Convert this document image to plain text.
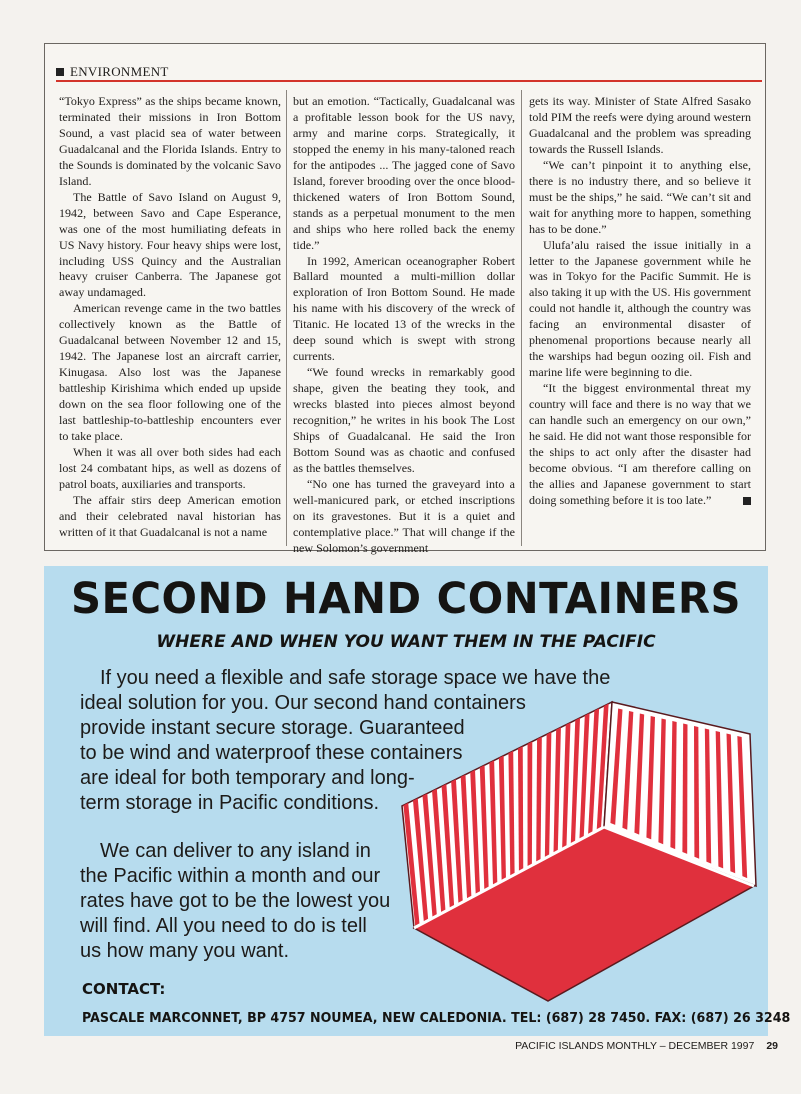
ENVIRONMENT

“Tokyo Express” as the ships became known, terminated their missions in Iron Bottom Sound, a vast placid sea of water between Guadalcanal and the Florida Islands. Entry to the Sounds is dominated by the volcanic Savo Island.

The Battle of Savo Island on August 9, 1942, between Savo and Cape Esperance, was one of the most humiliating defeats in US Navy history. Four heavy ships were lost, including USS Quincy and the Australian heavy cruiser Canberra. The Japanese got away undamaged.

American revenge came in the two battles collectively known as the Battle of Guadalcanal between November 12 and 15, 1942. The Japanese lost an aircraft carrier, Kinugasa. Also lost was the Japanese battleship Kirishima which ended up upside down on the sea floor following one of the last battleship-to-battleship encounters ever to take place.

When it was all over both sides had each lost 24 combatant hips, as well as dozens of patrol boats, auxiliaries and transports.

The affair stirs deep American emotion and their celebrated naval historian has written of it that Guadalcanal is not a name

but an emotion. “Tactically, Guadalcanal was a profitable lesson book for the US navy, army and marine corps. Strategically, it stopped the enemy in his many-taloned reach for the antipodes ... The jagged cone of Savo Island, forever brooding over the once blood-thickened waters of Iron Bottom Sound, stands as a perpetual monument to the men and ships who here rolled back the enemy tide.”

In 1992, American oceanographer Robert Ballard mounted a multi-million dollar exploration of Iron Bottom Sound. He made his name with his discovery of the wreck of Titanic. He located 13 of the wrecks in the deep sound which is swept with strong currents.

“We found wrecks in remarkably good shape, given the beating they took, and wrecks blasted into pieces almost beyond recognition,” he writes in his book The Lost Ships of Guadalcanal. He said the Iron Bottom Sound was as chaotic and confused as the battles themselves.

“No one has turned the graveyard into a well-manicured park, or etched inscriptions on its gravestones. But it is a quiet and contemplative place.” That will change if the new Solomon’s government

gets its way. Minister of State Alfred Sasako told PIM the reefs were dying around western Guadalcanal and the problem was spreading towards the Russell Islands.

“We can’t pinpoint it to anything else, there is no industry there, and so believe it must be the ships,” he said. “We can’t sit and wait for anything more to happen, something has to be done.”

Ulufa’alu raised the issue initially in a letter to the Japanese government while he was in Tokyo for the Pacific Summit. He is also taking it up with the US. His government could not handle it, although the country was facing an environmental disaster of phenomenal proportions because nearly all the warships had begun oozing oil. Fish and marine life were beginning to die.

“It the biggest environmental threat my country will face and there is no way that we can handle such an emergency on our own,” he said. He did not want those responsible for the ships to act only after the disaster had become obvious. “I am therefore calling on the allies and Japanese government to start doing something before it is too late.”

SECOND HAND CONTAINERS
WHERE AND WHEN YOU WANT THEM IN THE PACIFIC
If you need a flexible and safe storage space we have the
ideal solution for you. Our second hand containers
provide instant secure storage. Guaranteed
to be wind and waterproof these containers
are ideal for both temporary and long-
term storage in Pacific conditions.
We can deliver to any island in
the Pacific within a month and our
rates have got to be the lowest you
will find. All you need to do is tell
us how many you want.
CONTACT:
PASCALE MARCONNET, BP 4757 NOUMEA, NEW CALEDONIA. TEL: (687) 28 7450. FAX: (687) 26 3248
PACIFIC ISLANDS MONTHLY – DECEMBER 1997 29
